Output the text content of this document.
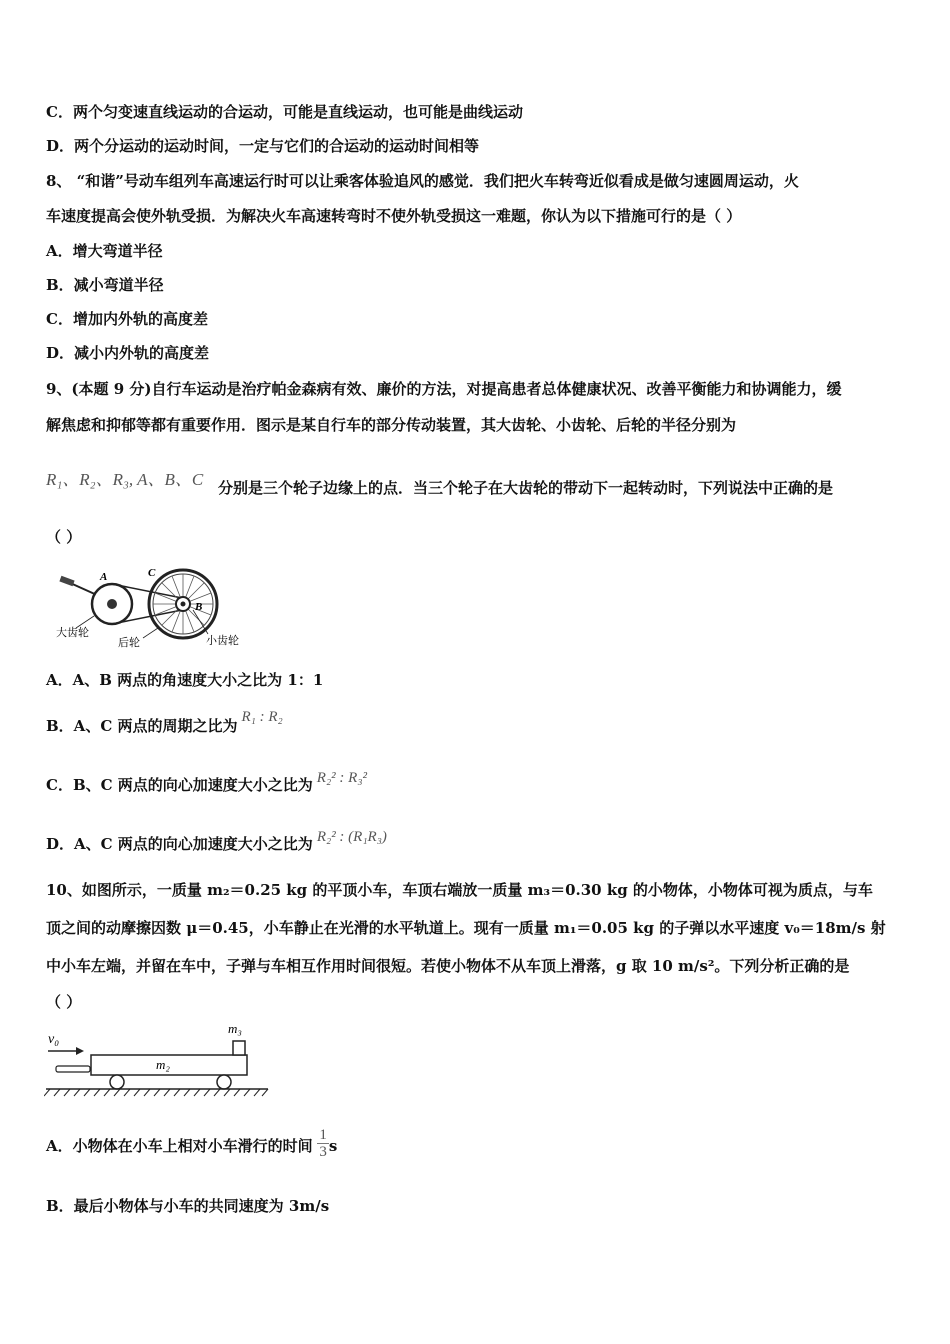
C．两个匀变速直线运动的合运动，可能是直线运动，也可能是曲线运动
D．两个分运动的运动时间，一定与它们的合运动的运动时间相等
8、 “和谐”号动车组列车高速运行时可以让乘客体验追风的感觉．我们把火车转弯近似看成是做匀速圆周运动，火
车速度提高会使外轨受损．为解决火车高速转弯时不使外轨受损这一难题，你认为以下措施可行的是（ ）
A．增大弯道半径
B．减小弯道半径
C．增加内外轨的高度差
D．减小内外轨的高度差
9、(本题 9 分)自行车运动是治疗帕金森病有效、廉价的方法，对提高患者总体健康状况、改善平衡能力和协调能力，缓
解焦虑和抑郁等都有重要作用．图示是某自行车的部分传动装置，其大齿轮、小齿轮、后轮的半径分别为
R₁、R₂、R₃, A、B、C 分别是三个轮子边缘上的点．当三个轮子在大齿轮的带动下一起转动时，下列说法中正确的是
（ ）
A	C
B
大齿轮
后轮	小齿轮
A．A、B 两点的角速度大小之比为 1：1
B．A、C 两点的周期之比为 R₁ : R₂
C．B、C 两点的向心加速度大小之比为 R₂² : R₃²
D．A、C 两点的向心加速度大小之比为 R₂² : (R₁R₃)
10、如图所示，一质量 m₂＝0.25 kg 的平顶小车，车顶右端放一质量 m₃＝0.30 kg 的小物体，小物体可视为质点，与车
顶之间的动摩擦因数 μ＝0.45，小车静止在光滑的水平轨道上。现有一质量 m₁＝0.05 kg 的子弹以水平速度 v₀＝18m/s 射
中小车左端，并留在车中，子弹与车相互作用时间很短。若使小物体不从车顶上滑落，g 取 10 m/s²。下列分析正确的是
（ ）
v₀
m₂
m₃
A．小物体在小车上相对小车滑行的时间 $\frac{1}{3}$ s
B．最后小物体与小车的共同速度为 3m/s
